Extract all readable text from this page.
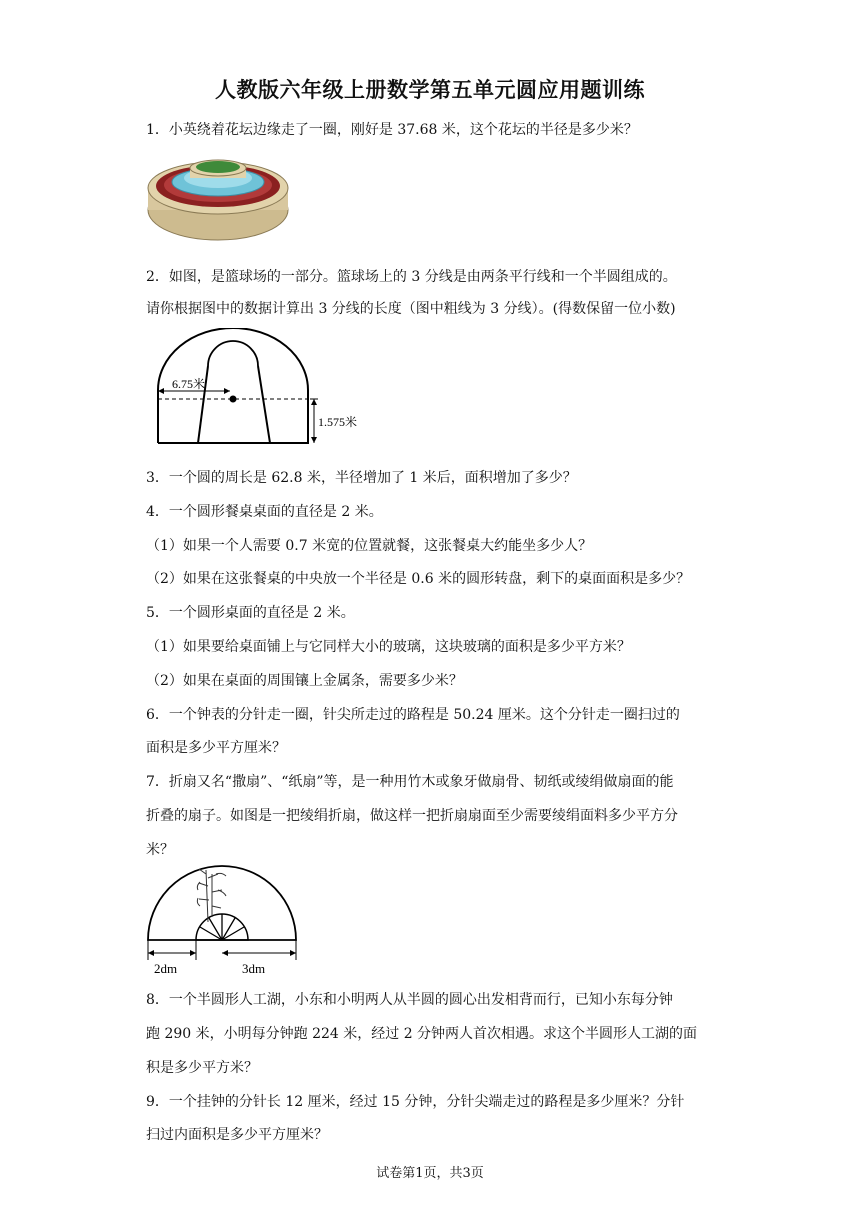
人教版六年级上册数学第五单元圆应用题训练
1．小英绕着花坛边缘走了一圈，刚好是 37.68 米，这个花坛的半径是多少米？
2．如图，是篮球场的一部分。篮球场上的 3 分线是由两条平行线和一个半圆组成的。
请你根据图中的数据计算出 3 分线的长度（图中粗线为 3 分线）。(得数保留一位小数)
6.75米
1.575米
3．一个圆的周长是 62.8 米，半径增加了 1 米后，面积增加了多少？
4．一个圆形餐桌桌面的直径是 2 米。
（1）如果一个人需要 0.7 米宽的位置就餐，这张餐桌大约能坐多少人？
（2）如果在这张餐桌的中央放一个半径是 0.6 米的圆形转盘，剩下的桌面面积是多少？
5．一个圆形桌面的直径是 2 米。
（1）如果要给桌面铺上与它同样大小的玻璃，这块玻璃的面积是多少平方米？
（2）如果在桌面的周围镶上金属条，需要多少米？
6．一个钟表的分针走一圈，针尖所走过的路程是 50.24 厘米。这个分针走一圈扫过的
面积是多少平方厘米？
7．折扇又名“撒扇”、“纸扇”等，是一种用竹木或象牙做扇骨、韧纸或绫绢做扇面的能
折叠的扇子。如图是一把绫绢折扇，做这样一把折扇扇面至少需要绫绢面料多少平方分
米？
2dm	3dm
8．一个半圆形人工湖，小东和小明两人从半圆的圆心出发相背而行，已知小东每分钟
跑 290 米，小明每分钟跑 224 米，经过 2 分钟两人首次相遇。求这个半圆形人工湖的面
积是多少平方米？
9．一个挂钟的分针长 12 厘米，经过 15 分钟，分针尖端走过的路程是多少厘米？分针
扫过内面积是多少平方厘米？
试卷第1页，共3页
